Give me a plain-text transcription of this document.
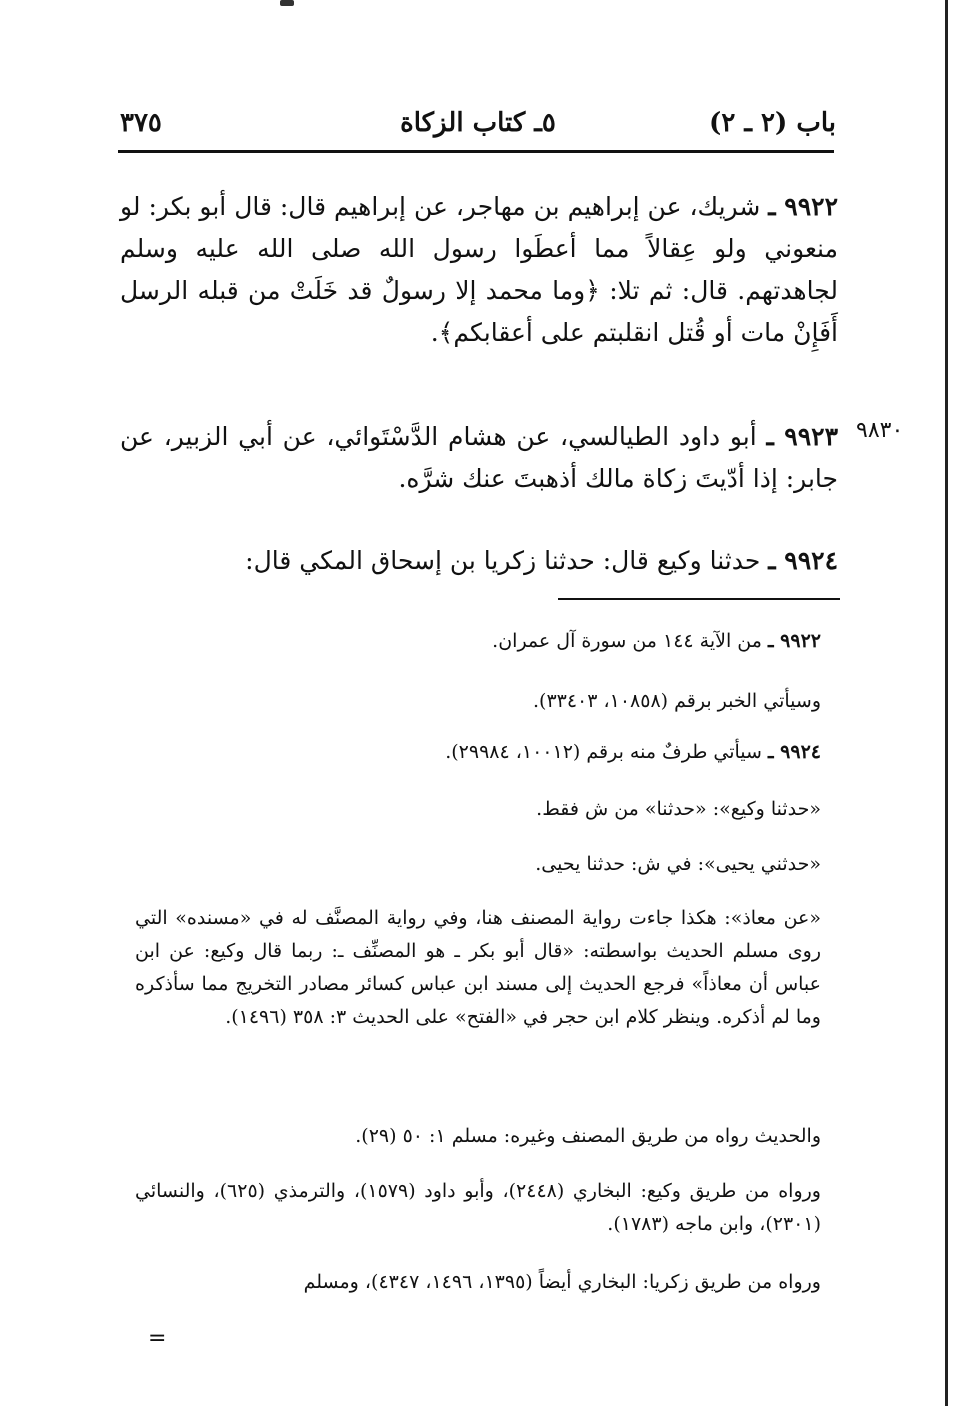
باب (٢ ـ ٢)
٥ـ كتاب الزكاة
٣٧٥
٩٩٢٢ ـ شريك، عن إبراهيم بن مهاجر، عن إبراهيم قال: قال أبو بكر: لو منعوني ولو عِقالاً مما أعطَوا رسول الله صلى الله عليه وسلم لجاهدتهم. قال: ثم تلا: ﴿وما محمد إلا رسولٌ قد خَلَتْ من قبله الرسل أَفَإِنْ مات أو قُتل انقلبتم على أعقابكم﴾.
٩٨٣٠
٩٩٢٣ ـ أبو داود الطيالسي، عن هشام الدَّسْتَوائي، عن أبي الزبير، عن جابر: إذا أدّيتَ زكاة مالك أذهبتَ عنك شرَّه.
٩٩٢٤ ـ حدثنا وكيع قال: حدثنا زكريا بن إسحاق المكي قال:
٩٩٢٢ ـ من الآية ١٤٤ من سورة آل عمران.
وسيأتي الخبر برقم (١٠٨٥٨، ٣٣٤٠٣).
٩٩٢٤ ـ سيأتي طرفٌ منه برقم (١٠٠١٢، ٢٩٩٨٤).
«حدثنا وكيع»: «حدثنا» من ش فقط.
«حدثني يحيى»: في ش: حدثنا يحيى.
«عن معاذ»: هكذا جاءت رواية المصنف هنا، وفي رواية المصنَّف له في «مسنده» التي روى مسلم الحديث بواسطته: «قال أبو بكر ـ هو المصنِّف ـ: ربما قال وكيع: عن ابن عباس أن معاذاً» فرجع الحديث إلى مسند ابن عباس كسائر مصادر التخريج مما سأذكره وما لم أذكره. وينظر كلام ابن حجر في «الفتح» على الحديث ٣: ٣٥٨ (١٤٩٦).
والحديث رواه من طريق المصنف وغيره: مسلم ١: ٥٠ (٢٩).
ورواه من طريق وكيع: البخاري (٢٤٤٨)، وأبو داود (١٥٧٩)، والترمذي (٦٢٥)، والنسائي (٢٣٠١)، وابن ماجه (١٧٨٣).
ورواه من طريق زكريا: البخاري أيضاً (١٣٩٥، ١٤٩٦، ٤٣٤٧)، ومسلم
=
